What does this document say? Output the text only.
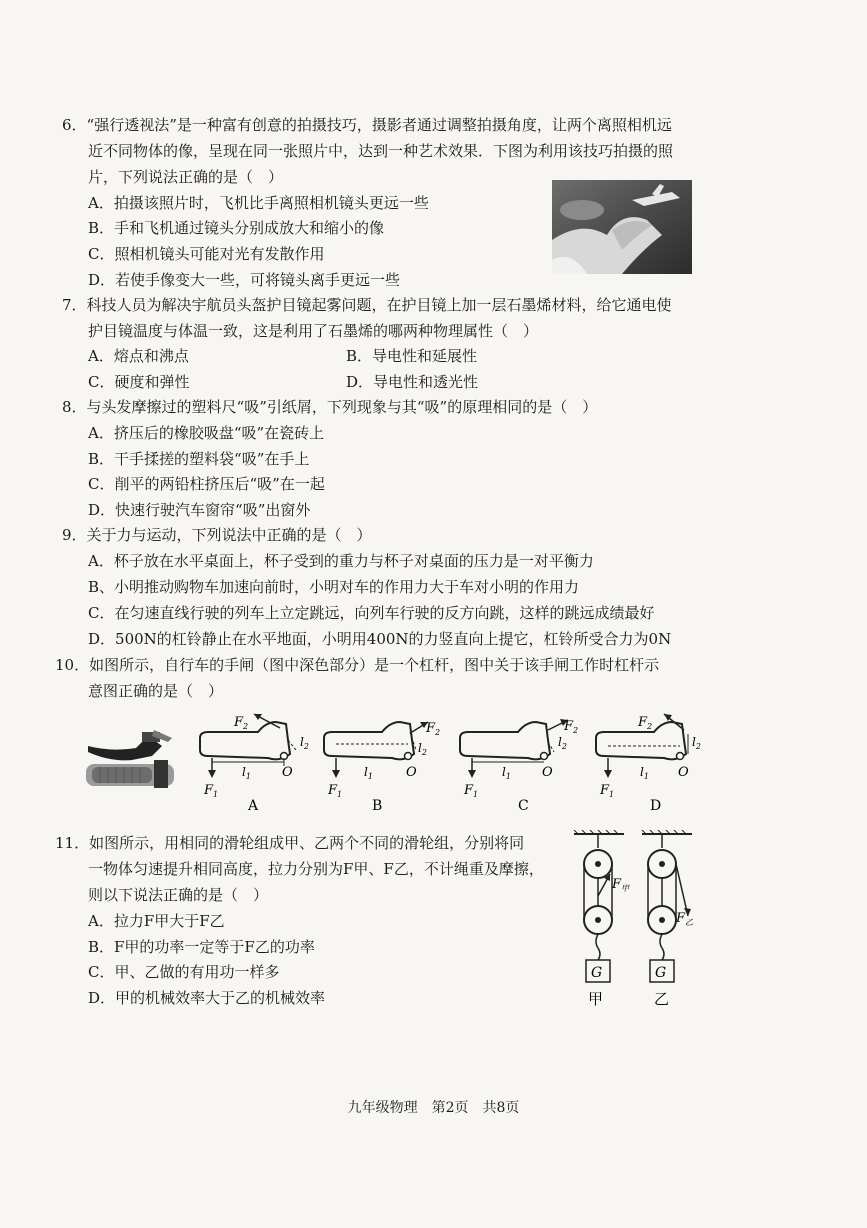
6．“强行透视法”是一种富有创意的拍摄技巧，摄影者通过调整拍摄角度，让两个离照相机远
近不同物体的像，呈现在同一张照片中，达到一种艺术效果．下图为利用该技巧拍摄的照
片，下列说法正确的是（　）
A．拍摄该照片时，飞机比手离照相机镜头更远一些
B．手和飞机通过镜头分别成放大和缩小的像
C．照相机镜头可能对光有发散作用
D．若使手像变大一些，可将镜头离手更远一些
7．科技人员为解决宇航员头盔护目镜起雾问题，在护目镜上加一层石墨烯材料，给它通电使
护目镜温度与体温一致，这是利用了石墨烯的哪两种物理属性（　）
A．熔点和沸点	B．导电性和延展性
C．硬度和弹性	D．导电性和透光性
8．与头发摩擦过的塑料尺“吸”引纸屑，下列现象与其“吸”的原理相同的是（　）
A．挤压后的橡胶吸盘“吸”在瓷砖上
B．干手揉搓的塑料袋“吸”在手上
C．削平的两铅柱挤压后“吸”在一起
D．快速行驶汽车窗帘“吸”出窗外
9．关于力与运动，下列说法中正确的是（　）
A．杯子放在水平桌面上，杯子受到的重力与杯子对桌面的压力是一对平衡力
B、小明推动购物车加速向前时，小明对车的作用力大于车对小明的作用力
C．在匀速直线行驶的列车上立定跳远，向列车行驶的反方向跳，这样的跳远成绩最好
D．500N的杠铃静止在水平地面，小明用400N的力竖直向上提它，杠铃所受合力为0N
10．如图所示，自行车的手闸（图中深色部分）是一个杠杆，图中关于该手闸工作时杠杆示
意图正确的是（　）
$F_2$
$l_2$
$l_1$ O
$F_1$
A
$F_2$
$l_2$
$l_1$	O
$F_1$
B
$F_2$
$l_2$
$l_1$ O
$F_1$
C
$F_2$
$l_2$
$l_1$ O
$F_1$
D
11．如图所示，用相同的滑轮组成甲、乙两个不同的滑轮组，分别将同
一物体匀速提升相同高度，拉力分别为F甲、F乙，不计绳重及摩擦，
则以下说法正确的是（　）
A．拉力F甲大于F乙
B．F甲的功率一定等于F乙的功率
C．甲、乙做的有用功一样多
D．甲的机械效率大于乙的机械效率
$F_甲$
G
甲
$F_乙$
G
乙
九年级物理　第2页　共8页
